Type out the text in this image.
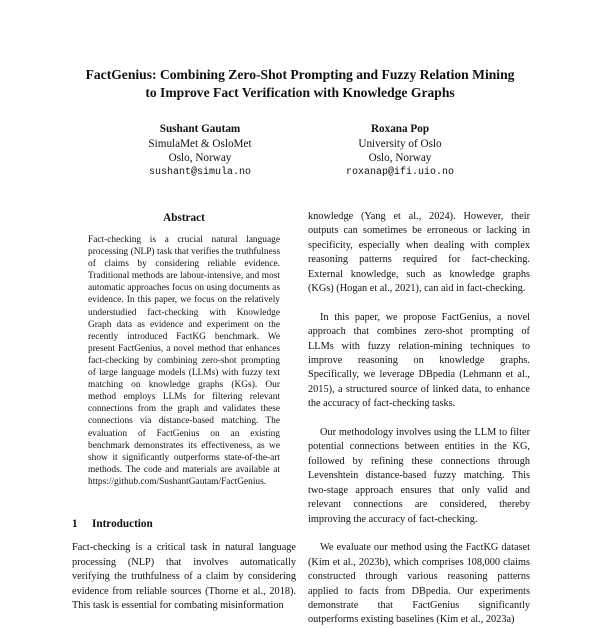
FactGenius: Combining Zero-Shot Prompting and Fuzzy Relation Mining
to Improve Fact Verification with Knowledge Graphs
Sushant Gautam
SimulaMet & OsloMet
Oslo, Norway
sushant@simula.no
Roxana Pop
University of Oslo
Oslo, Norway
roxanap@ifi.uio.no
Abstract
Fact-checking is a crucial natural language processing (NLP) task that verifies the truthfulness of claims by considering reliable evidence. Traditional methods are labour-intensive, and most automatic approaches focus on using documents as evidence. In this paper, we focus on the relatively understudied fact-checking with Knowledge Graph data as evidence and experiment on the recently introduced FactKG benchmark. We present FactGenius, a novel method that enhances fact-checking by combining zero-shot prompting of large language models (LLMs) with fuzzy text matching on knowledge graphs (KGs). Our method employs LLMs for filtering relevant connections from the graph and validates these connections via distance-based matching. The evaluation of FactGenius on an existing benchmark demonstrates its effectiveness, as we show it significantly outperforms state-of-the-art methods. The code and materials are available at https://github.com/SushantGautam/FactGenius.
1 Introduction

Fact-checking is a critical task in natural language processing (NLP) that involves automatically verifying the truthfulness of a claim by considering evidence from reliable sources (Thorne et al., 2018). This task is essential for combating misinformation

knowledge (Yang et al., 2024). However, their outputs can sometimes be erroneous or lacking in specificity, especially when dealing with complex reasoning patterns required for fact-checking. External knowledge, such as knowledge graphs (KGs) (Hogan et al., 2021), can aid in fact-checking.

In this paper, we propose FactGenius, a novel approach that combines zero-shot prompting of LLMs with fuzzy relation-mining techniques to improve reasoning on knowledge graphs. Specifically, we leverage DBpedia (Lehmann et al., 2015), a structured source of linked data, to enhance the accuracy of fact-checking tasks.

Our methodology involves using the LLM to filter potential connections between entities in the KG, followed by refining these connections through Levenshtein distance-based fuzzy matching. This two-stage approach ensures that only valid and relevant connections are considered, thereby improving the accuracy of fact-checking.

We evaluate our method using the FactKG dataset (Kim et al., 2023b), which comprises 108,000 claims constructed through various reasoning patterns applied to facts from DBpedia. Our experiments demonstrate that FactGenius significantly outperforms existing baselines (Kim et al., 2023a)
